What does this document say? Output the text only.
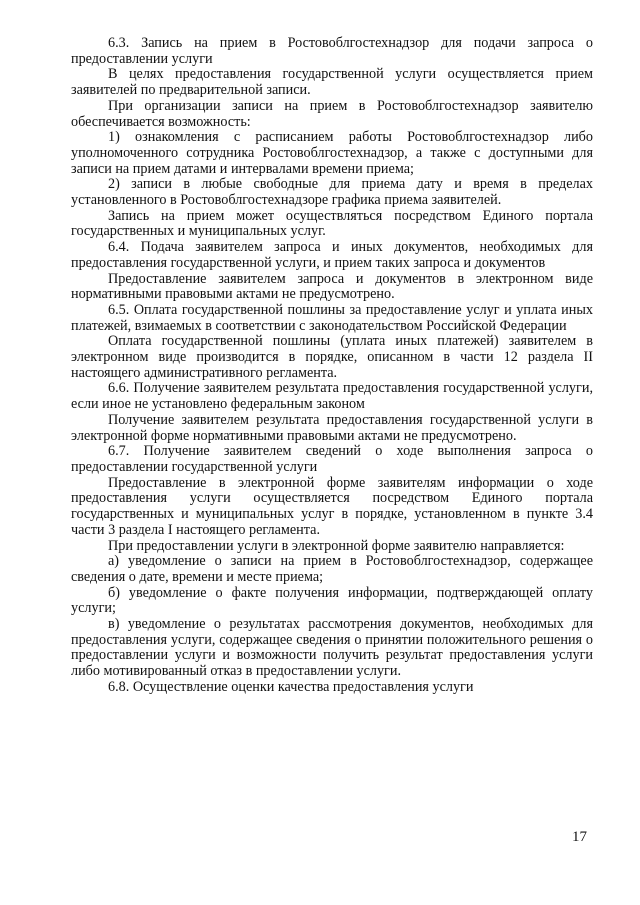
6.3. Запись на прием в Ростовоблгостехнадзор для подачи запроса о предоставлении услуги

В целях предоставления государственной услуги осуществляется прием заявителей по предварительной записи.

При организации записи на прием в Ростовоблгостехнадзор заявителю обеспечивается возможность:

1) ознакомления с расписанием работы Ростовоблгостехнадзор либо уполномоченного сотрудника Ростовоблгостехнадзор, а также с доступными для записи на прием датами и интервалами времени приема;

2) записи в любые свободные для приема дату и время в пределах установленного в Ростовоблгостехнадзоре графика приема заявителей.

Запись на прием может осуществляться посредством Единого портала государственных и муниципальных услуг.

6.4. Подача заявителем запроса и иных документов, необходимых для предоставления государственной услуги, и прием таких запроса и документов

Предоставление заявителем запроса и документов в электронном виде нормативными правовыми актами не предусмотрено.

6.5. Оплата государственной пошлины за предоставление услуг и уплата иных платежей, взимаемых в соответствии с законодательством Российской Федерации

Оплата государственной пошлины (уплата иных платежей) заявителем в электронном виде производится в порядке, описанном в части 12 раздела II настоящего административного регламента.

6.6. Получение заявителем результата предоставления государственной услуги, если иное не установлено федеральным законом

Получение заявителем результата предоставления государственной услуги в электронной форме нормативными правовыми актами не предусмотрено.

6.7. Получение заявителем сведений о ходе выполнения запроса о предоставлении государственной услуги

Предоставление в электронной форме заявителям информации о ходе предоставления услуги осуществляется посредством Единого портала государственных и муниципальных услуг в порядке, установленном в пункте 3.4 части 3 раздела I настоящего регламента.

При предоставлении услуги в электронной форме заявителю направляется:

а) уведомление о записи на прием в Ростовоблгостехнадзор, содержащее сведения о дате, времени и месте приема;

б) уведомление о факте получения информации, подтверждающей оплату услуги;

в) уведомление о результатах рассмотрения документов, необходимых для предоставления услуги, содержащее сведения о принятии положительного решения о предоставлении услуги и возможности получить результат предоставления услуги либо мотивированный отказ в предоставлении услуги.

6.8. Осуществление оценки качества предоставления услуги

17
